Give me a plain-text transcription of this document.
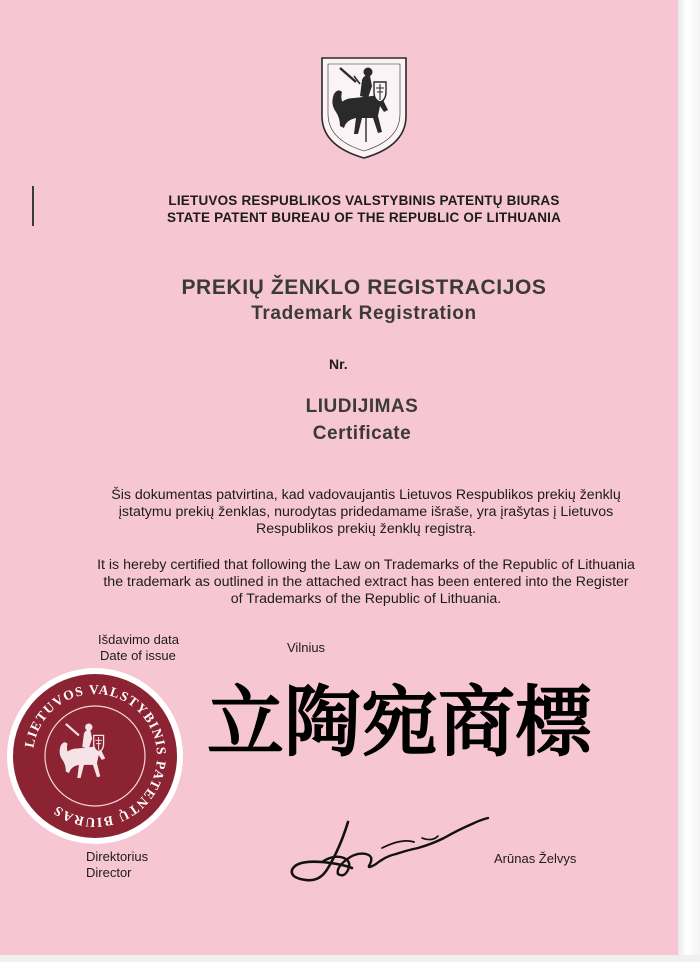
LIETUVOS RESPUBLIKOS VALSTYBINIS PATENTŲ BIURAS
STATE PATENT BUREAU OF THE REPUBLIC OF LITHUANIA
PREKIŲ ŽENKLO REGISTRACIJOS
Trademark Registration
Nr.
LIUDIJIMAS
Certificate
Šis dokumentas patvirtina, kad vadovaujantis Lietuvos Respublikos prekių ženklų įstatymu prekių ženklas, nurodytas pridedamame išraše, yra įrašytas į Lietuvos Respublikos prekių ženklų registrą.
It is hereby certified that following the Law on Trademarks of the Republic of Lithuania the trademark as outlined in the attached extract has been entered into the Register of Trademarks of the Republic of Lithuania.
Išdavimo data
Date of issue
Vilnius
LIETUVOS VALSTYBINIS PATENTŲ BIURAS
立陶宛商標
Direktorius
Director
Arūnas Želvys
